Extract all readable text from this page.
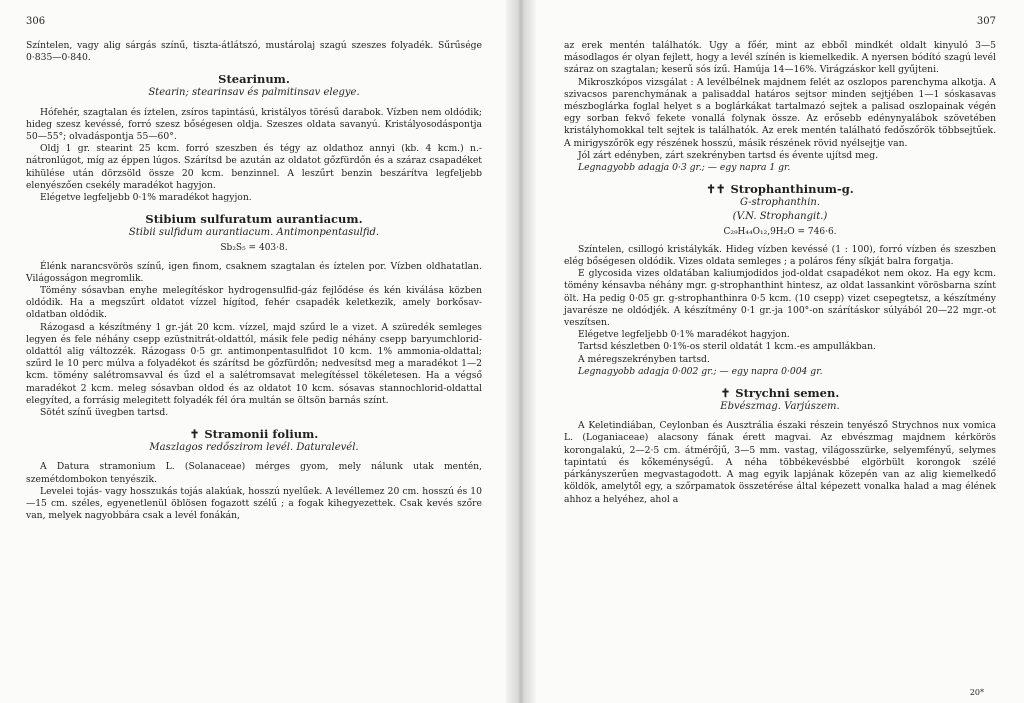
306

Színtelen, vagy alig sárgás színű, tiszta-átlátszó, mustárolaj szagú szeszes folyadék. Sűrűsége 0·835—0·840.

Stearinum.
Stearin; stearinsav és palmitinsav elegye.

Hófehér, szagtalan és íztelen, zsíros tapintású, kristályos törésű darabok. Vízben nem oldódik; hideg szesz kevéssé, forró szesz bőségesen oldja. Szeszes oldata savanyú. Kristályosodáspontja 50—55°; olvadáspontja 55—60°.

Oldj 1 gr. stearint 25 kcm. forró szeszben és tégy az oldathoz annyi (kb. 4 kcm.) n.-nátronlúgot, míg az éppen lúgos. Szárítsd be azután az oldatot gőzfürdőn és a száraz csapadéket kihülése után dörzsöld össze 20 kcm. benzinnel. A leszűrt benzin beszárítva legfeljebb elenyészően csekély maradékot hagyjon.

Elégetve legfeljebb 0·1% maradékot hagyjon.

Stibium sulfuratum aurantiacum.
Stibii sulfidum aurantiacum. Antimonpentasulfid.
Sb₂S₅ = 403·8.

Élénk narancsvörös színű, igen finom, csaknem szagtalan és íztelen por. Vízben oldhatatlan. Világosságon megromlik.

Tömény sósavban enyhe melegítéskor hydrogensulfid-gáz fejlődése és kén kiválása közben oldódik. Ha a megszűrt oldatot vízzel hígítod, fehér csapadék keletkezik, amely borkősav-oldatban oldódik.

Rázogasd a készítmény 1 gr.-ját 20 kcm. vízzel, majd szűrd le a vizet. A szüredék semleges legyen és fele néhány csepp ezüstnitrát-oldattól, másik fele pedig néhány csepp baryumchlorid-oldattól alig változzék. Rázogass 0·5 gr. antimonpentasulfidot 10 kcm. 1% ammonia-oldattal; szűrd le 10 perc múlva a folyadékot és szárítsd be gőzfürdőn; nedvesítsd meg a maradékot 1—2 kcm. tömény salétromsavval és űzd el a salétromsavat melegítéssel tökéletesen. Ha a végső maradékot 2 kcm. meleg sósavban oldod és az oldatot 10 kcm. sósavas stannochlorid-oldattal elegyíted, a forrásig melegitett folyadék fél óra multán se öltsön barnás színt.

Sötét színű üvegben tartsd.

✝ Stramonii folium.
Maszlagos redőszirom levél. Daturalevél.

A Datura stramonium L. (Solanaceae) mérges gyom, mely nálunk utak mentén, szemétdombokon tenyészik.

Levelei tojás- vagy hosszukás tojás alakúak, hosszú nyelűek. A levéllemez 20 cm. hosszú és 10—15 cm. széles, egyenetlenül öblösen fogazott szélű ; a fogak kihegyezettek. Csak kevés szőre van, melyek nagyobbára csak a levél fonákán,

307

az erek mentén találhatók. Ugy a főér, mint az ebből mindkét oldalt kinyuló 3—5 másodlagos ér olyan fejlett, hogy a levél színén is kiemelkedik. A nyersen bódító szagú levél száraz on szagtalan; keserű sós ízű. Hamúja 14—16%. Virágzáskor kell gyűjteni.

Mikroszkópos vizsgálat : A levélbélnek majdnem felét az oszlopos parenchyma alkotja. A szivacsos parenchymának a palisaddal határos sejtsor minden sejtjében 1—1 sóskasavas mészboglárka foglal helyet s a boglárkákat tartalmazó sejtek a palisad oszlopainak végén egy sorban fekvő fekete vonallá folynak össze. Az erősebb edénynyalábok szövetében kristályhomokkal telt sejtek is találhatók. Az erek mentén található fedőszőrök többsejtűek. A mirigyszőrök egy részének hosszú, másik részének rövid nyélsejtje van.

Jól zárt edényben, zárt szekrényben tartsd és évente ujítsd meg.

Legnagyobb adagja 0·3 gr.; — egy napra 1 gr.

✝✝ Strophanthinum-g.
G-strophanthin.
(V.N. Strophangit.)
C₂₉H₄₄O₁₂,9H₂O = 746·6.

Színtelen, csillogó kristálykák. Hideg vízben kevéssé (1 : 100), forró vízben és szeszben elég bőségesen oldódik. Vizes oldata semleges ; a poláros fény síkját balra forgatja.

E glycosida vizes oldatában kaliumjodidos jod-oldat csapadékot nem okoz. Ha egy kcm. tömény kénsavba néhány mgr. g-strophanthint hintesz, az oldat lassankint vörösbarna színt ölt. Ha pedig 0·05 gr. g-strophanthinra 0·5 kcm. (10 csepp) vizet csepegtetsz, a készítmény javarésze ne oldódjék. A készítmény 0·1 gr.-ja 100°-on szárításkor súlyából 20—22 mgr.-ot veszítsen.

Elégetve legfeljebb 0·1% maradékot hagyjon.

Tartsd készletben 0·1%-os steril oldatát 1 kcm.-es ampullákban.

A méregszekrényben tartsd.

Legnagyobb adagja 0·002 gr.; — egy napra 0·004 gr.

✝ Strychni semen.
Ebvészmag. Varjúszem.

A Keletindiában, Ceylonban és Ausztrália északi részein tenyésző Strychnos nux vomica L. (Loganiaceae) alacsony fának érett magvai. Az ebvészmag majdnem kérkörös korongalakú, 2—2·5 cm. átmérőjű, 3—5 mm. vastag, világosszürke, selyemfényű, selymes tapintatú és kőkeménységű. A néha többékevésbbé elgörbült korongok szélé párkányszerűen megvastagodott. A mag egyik lapjának közepén van az alig kiemelkedő köldök, amelytől egy, a szőrpamatok összetérése által képezett vonalka halad a mag élének ahhoz a helyéhez, ahol a

20*
